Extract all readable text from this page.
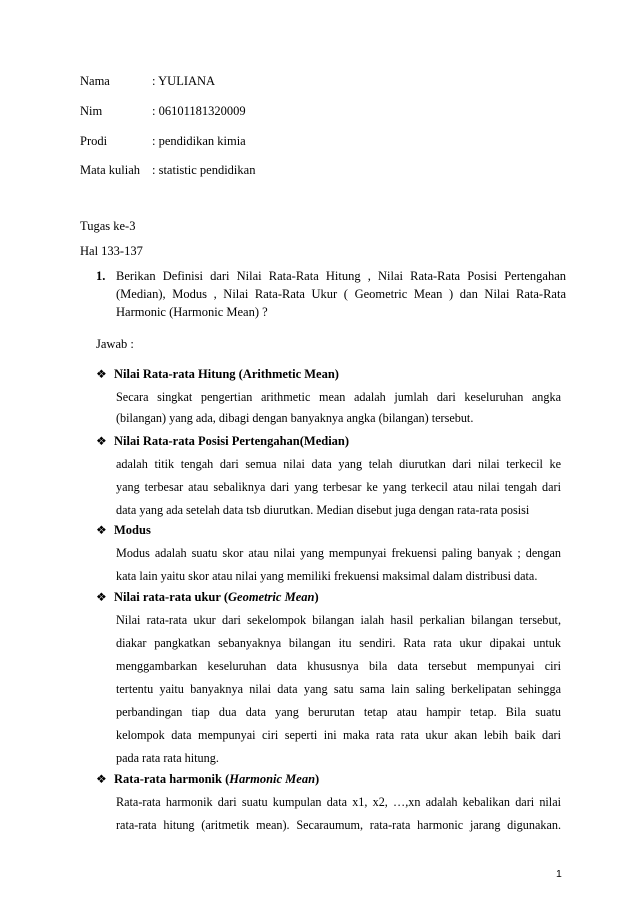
Nama	: YULIANA
Nim	: 06101181320009
Prodi	: pendidikan kimia
Mata kuliah : statistic pendidikan
Tugas ke-3
Hal 133-137
1. Berikan Definisi dari Nilai Rata-Rata Hitung , Nilai Rata-Rata Posisi Pertengahan (Median), Modus , Nilai Rata-Rata Ukur ( Geometric Mean ) dan Nilai Rata-Rata Harmonic (Harmonic Mean) ?
Jawab :
❖ Nilai Rata-rata Hitung (Arithmetic Mean)
Secara singkat pengertian arithmetic mean adalah jumlah dari keseluruhan angka
(bilangan) yang ada, dibagi dengan banyaknya angka (bilangan) tersebut.
❖ Nilai Rata-rata Posisi Pertengahan(Median)
adalah titik tengah dari semua nilai data yang telah diurutkan dari nilai terkecil ke
yang terbesar atau sebaliknya dari yang terbesar ke yang terkecil atau nilai tengah dari
data yang ada setelah data tsb diurutkan. Median disebut juga dengan rata-rata posisi
❖ Modus
Modus adalah suatu skor atau nilai yang mempunyai frekuensi paling banyak ; dengan
kata lain yaitu skor atau nilai yang memiliki frekuensi maksimal dalam distribusi data.
❖ Nilai rata-rata ukur (Geometric Mean)
Nilai rata-rata ukur dari sekelompok bilangan ialah hasil perkalian bilangan tersebut,
diakar pangkatkan sebanyaknya bilangan itu sendiri. Rata rata ukur dipakai untuk
menggambarkan keseluruhan data khususnya bila data tersebut mempunyai ciri
tertentu yaitu banyaknya nilai data yang satu sama lain saling berkelipatan sehingga
perbandingan tiap dua data yang berurutan tetap atau hampir tetap. Bila suatu
kelompok data mempunyai ciri seperti ini maka rata rata ukur akan lebih baik dari
pada rata rata hitung.
❖ Rata-rata harmonik (Harmonic Mean)
Rata-rata harmonik dari suatu kumpulan data x1, x2, …,xn adalah kebalikan dari nilai
rata-rata hitung (aritmetik mean). Secaraumum, rata-rata harmonic jarang digunakan.
1
